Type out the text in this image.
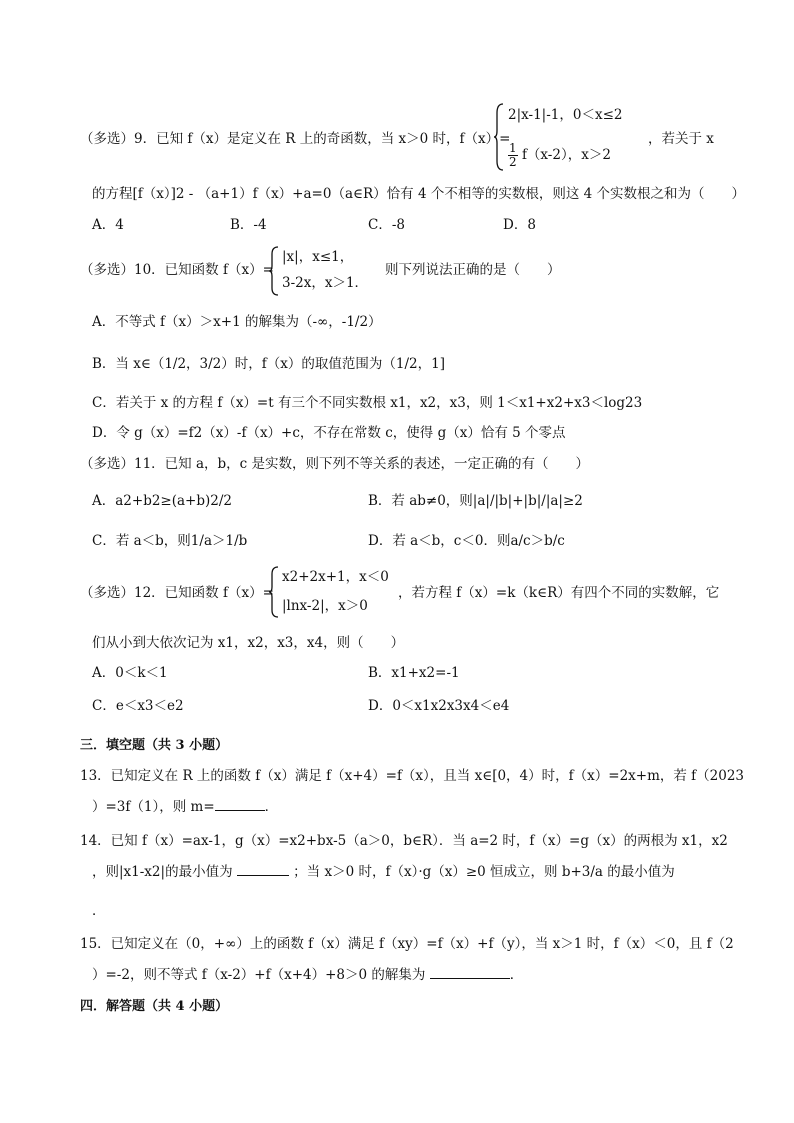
（多选）9．已知 f（x）是定义在 R 上的奇函数，当 x＞0 时，f（x）=
2|x-1|-1，0＜x≤2
$\frac{1}{2} f(x-2)$，x＞2
，若关于 x
的方程[f（x）]2 - （a+1）f（x）+a=0（a∈R）恰有 4 个不相等的实数根，则这 4 个实数根之和为（　　）
A．4	B．-4	C．-8	D．8
（多选）10．已知函数 f（x）=
|x|，x≤1，
3-2x，x＞1．
则下列说法正确的是（　　）
A．不等式 f（x）＞x+1 的解集为（-∞，-1/2）
B．当 x∈（1/2，3/2）时，f（x）的取值范围为（1/2，1]
C．若关于 x 的方程 f（x）=t 有三个不同实数根 x1，x2，x3，则 1＜x1+x2+x3＜log23
D．令 g（x）=f2（x）-f（x）+c，不存在常数 c，使得 g（x）恰有 5 个零点
（多选）11．已知 a，b，c 是实数，则下列不等关系的表述，一定正确的有（　　）
A．a2+b2≥(a+b)2/2	B．若 ab≠0，则|a|/|b|+|b|/|a|≥2
C．若 a＜b，则1/a＞1/b	D．若 a＜b，c＜0．则a/c＞b/c
（多选）12．已知函数 f（x）=
x2+2x+1，x＜0
|lnx-2|，x＞0
，若方程 f（x）=k（k∈R）有四个不同的实数解，它
们从小到大依次记为 x1，x2，x3，x4，则（　　）
A．0＜k＜1	B．x1+x2=-1
C．e＜x3＜e2	D．0＜x1x2x3x4＜e4
三．填空题（共 3 小题）
13．已知定义在 R 上的函数 f（x）满足 f（x+4）=f（x），且当 x∈[0，4）时，f（x）=2x+m，若 f（2023
）=3f（1），则 m=	．
14．已知 f（x）=ax-1，g（x）=x2+bx-5（a＞0，b∈R）．当 a=2 时，f（x）=g（x）的两根为 x1，x2
，则|x1-x2|的最小值为	；当 x＞0 时，f（x）·g（x）≥0 恒成立，则 b+3/a 的最小值为
．
15．已知定义在（0，+∞）上的函数 f（x）满足 f（xy）=f（x）+f（y），当 x＞1 时，f（x）＜0，且 f（2
）=-2，则不等式 f（x-2）+f（x+4）+8＞0 的解集为	．
四．解答题（共 4 小题）
